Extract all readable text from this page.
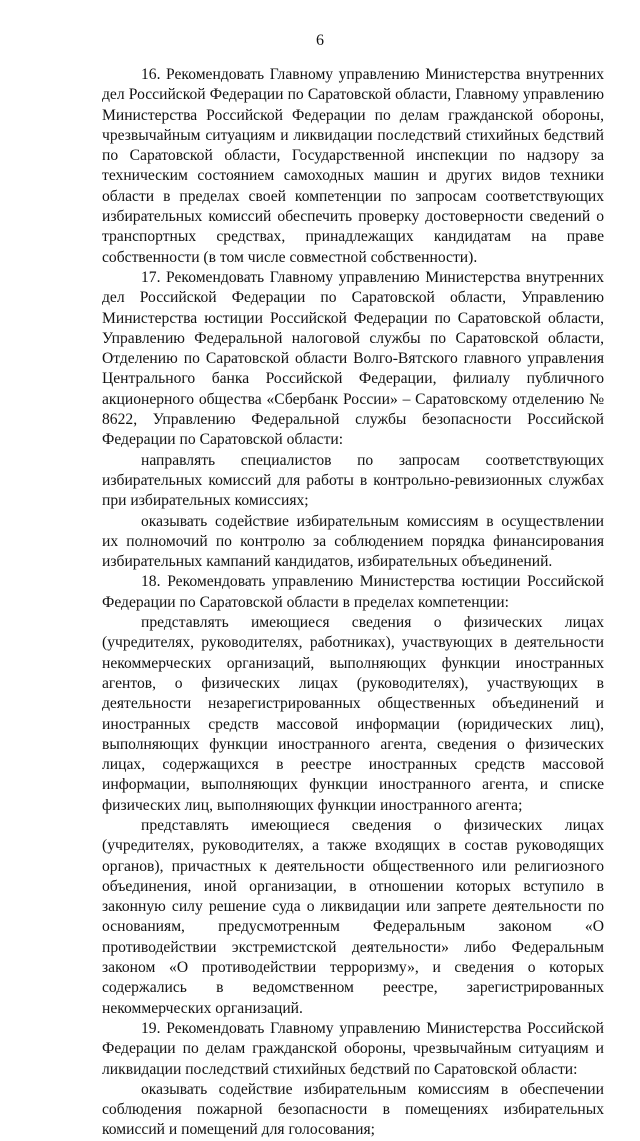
6

16. Рекомендовать Главному управлению Министерства внутренних дел Российской Федерации по Саратовской области, Главному управлению Министерства Российской Федерации по делам гражданской обороны, чрезвычайным ситуациям и ликвидации последствий стихийных бедствий по Саратовской области, Государственной инспекции по надзору за техническим состоянием самоходных машин и других видов техники области в пределах своей компетенции по запросам соответствующих избирательных комиссий обеспечить проверку достоверности сведений о транспортных средствах, принадлежащих кандидатам на праве собственности (в том числе совместной собственности).

17. Рекомендовать Главному управлению Министерства внутренних дел Российской Федерации по Саратовской области, Управлению Министерства юстиции Российской Федерации по Саратовской области, Управлению Федеральной налоговой службы по Саратовской области, Отделению по Саратовской области Волго-Вятского главного управления Центрального банка Российской Федерации, филиалу публичного акционерного общества «Сбербанк России» – Саратовскому отделению № 8622, Управлению Федеральной службы безопасности Российской Федерации по Саратовской области:

направлять специалистов по запросам соответствующих избирательных комиссий для работы в контрольно-ревизионных службах при избирательных комиссиях;

оказывать содействие избирательным комиссиям в осуществлении их полномочий по контролю за соблюдением порядка финансирования избирательных кампаний кандидатов, избирательных объединений.

18. Рекомендовать управлению Министерства юстиции Российской Федерации по Саратовской области в пределах компетенции:

представлять имеющиеся сведения о физических лицах (учредителях, руководителях, работниках), участвующих в деятельности некоммерческих организаций, выполняющих функции иностранных агентов, о физических лицах (руководителях), участвующих в деятельности незарегистрированных общественных объединений и иностранных средств массовой информации (юридических лиц), выполняющих функции иностранного агента, сведения о физических лицах, содержащихся в реестре иностранных средств массовой информации, выполняющих функции иностранного агента, и списке физических лиц, выполняющих функции иностранного агента;

представлять имеющиеся сведения о физических лицах (учредителях, руководителях, а также входящих в состав руководящих органов), причастных к деятельности общественного или религиозного объединения, иной организации, в отношении которых вступило в законную силу решение суда о ликвидации или запрете деятельности по основаниям, предусмотренным Федеральным законом «О противодействии экстремистской деятельности» либо Федеральным законом «О противодействии терроризму», и сведения о которых содержались в ведомственном реестре, зарегистрированных некоммерческих организаций.

19. Рекомендовать Главному управлению Министерства Российской Федерации по делам гражданской обороны, чрезвычайным ситуациям и ликвидации последствий стихийных бедствий по Саратовской области:

оказывать содействие избирательным комиссиям в обеспечении соблюдения пожарной безопасности в помещениях избирательных комиссий и помещений для голосования;
